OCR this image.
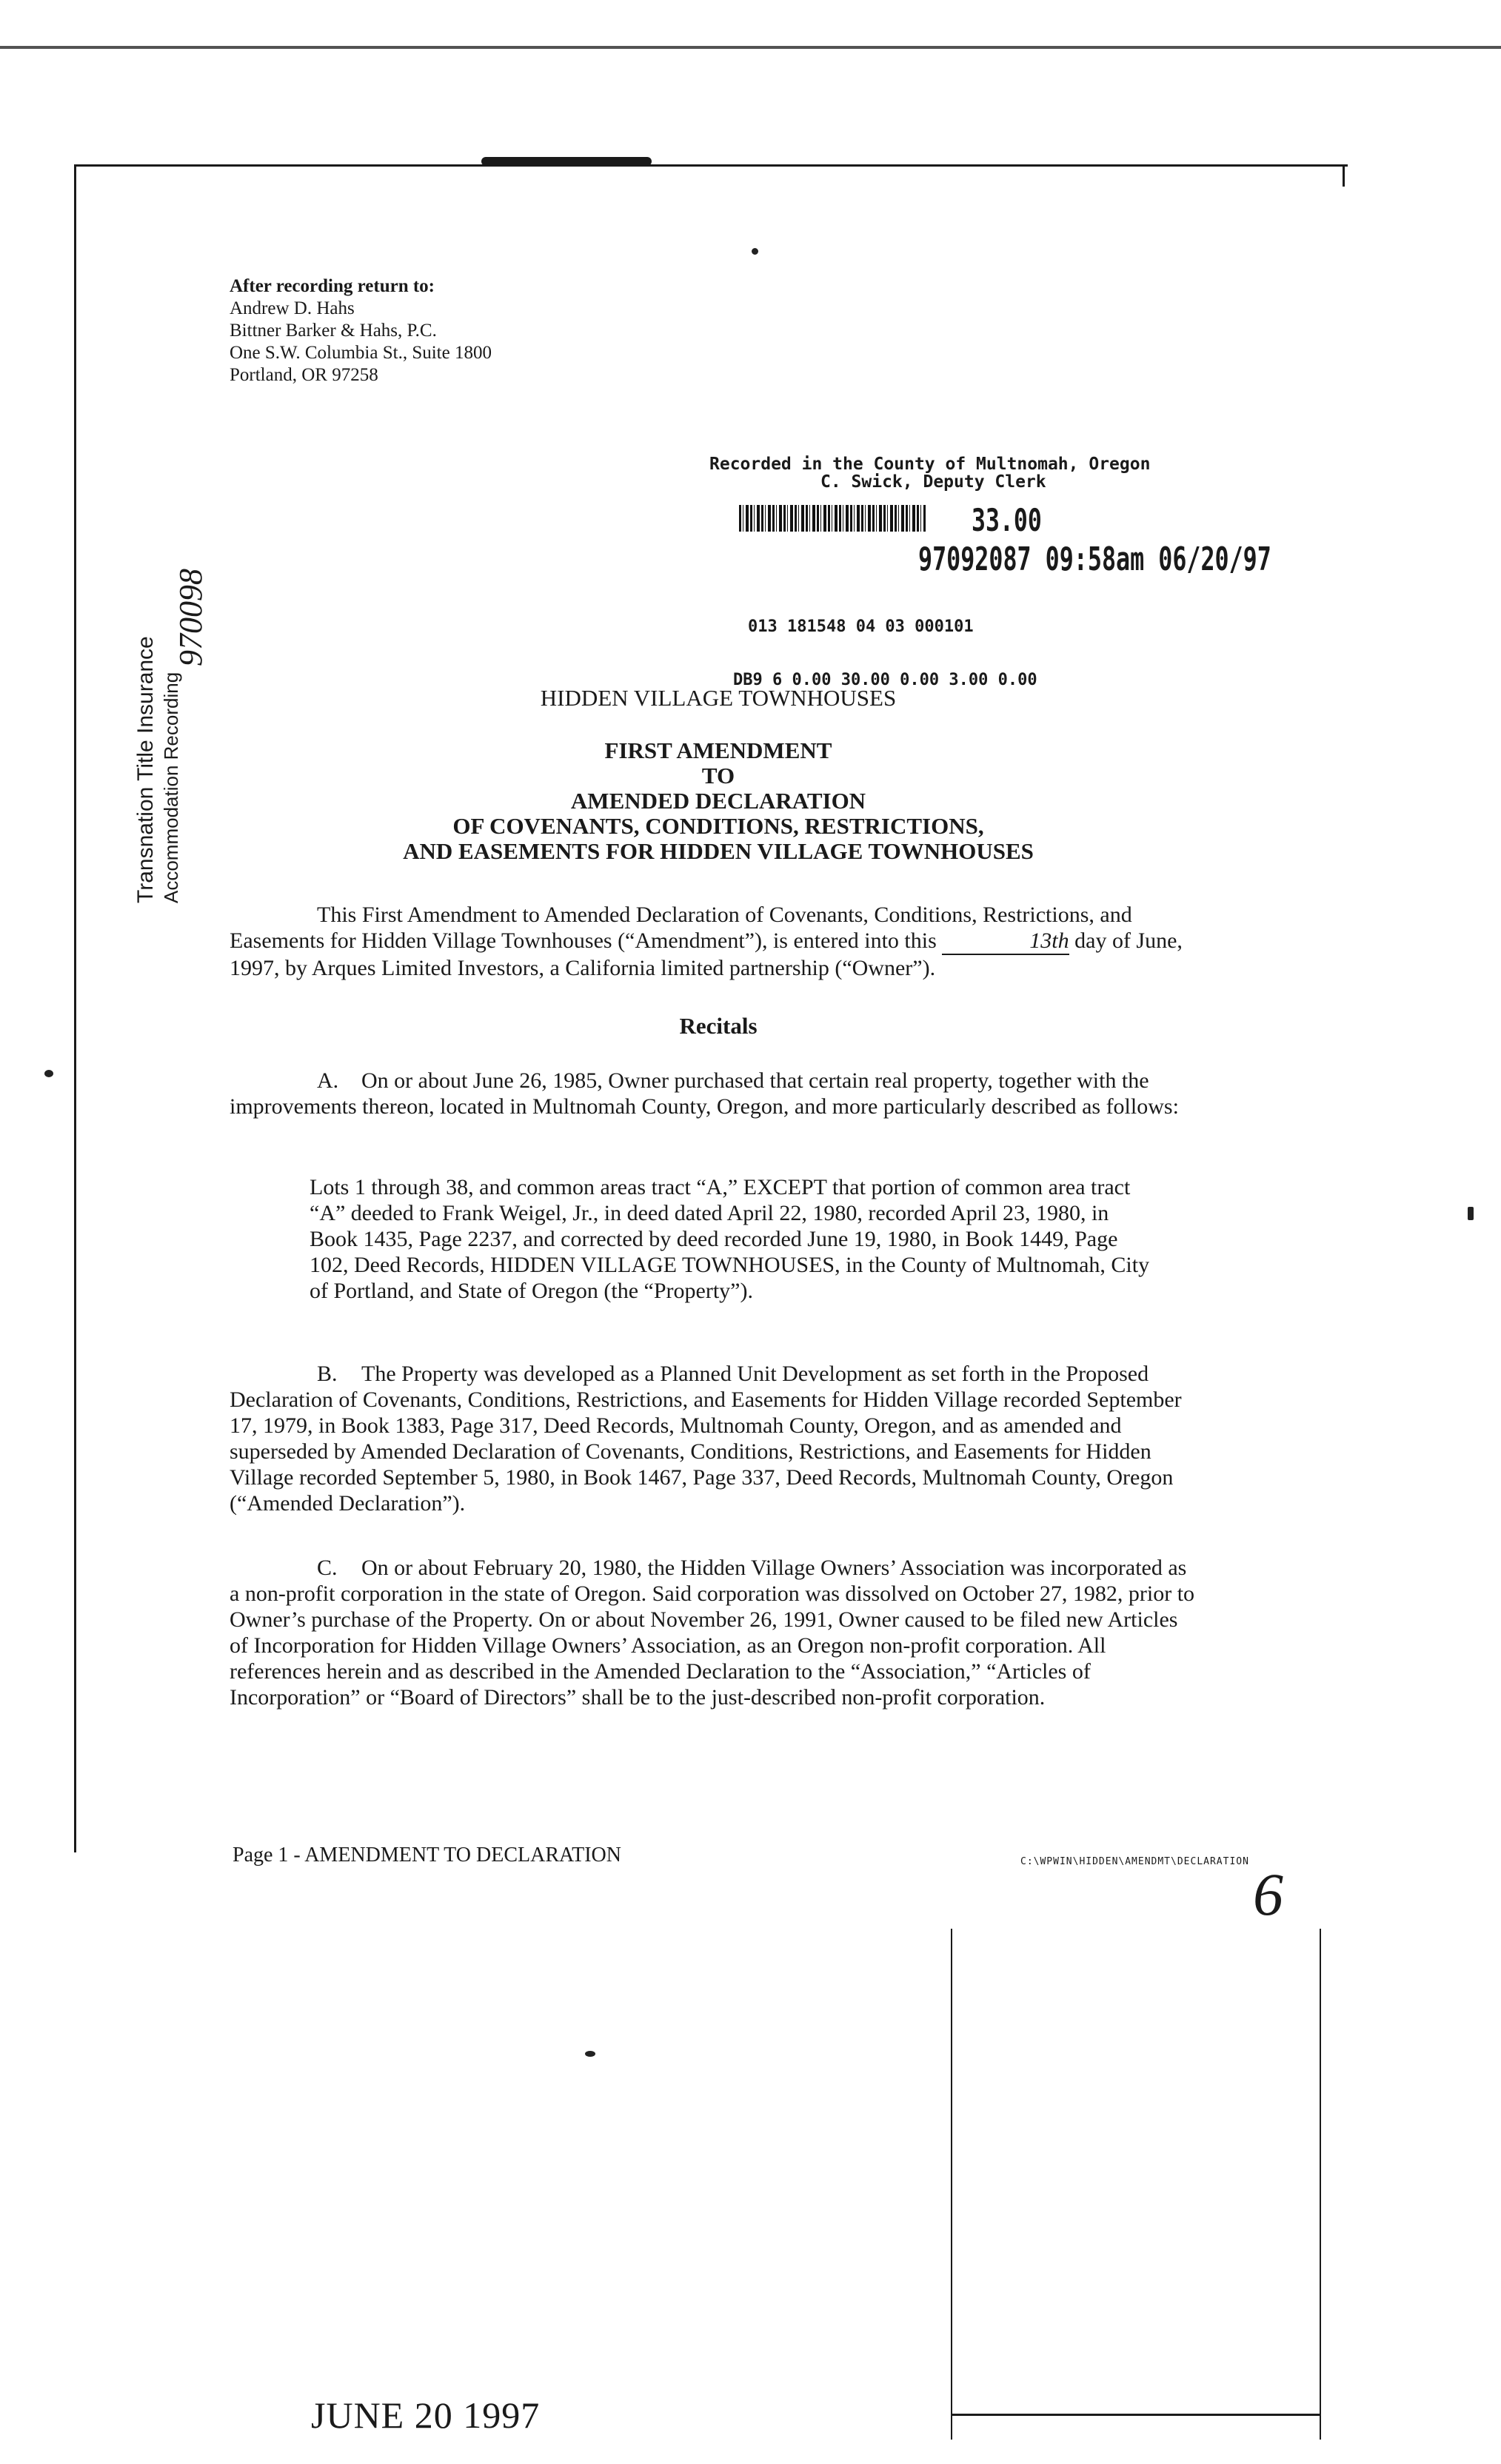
After recording return to:
Andrew D. Hahs
Bittner Barker & Hahs, P.C.
One S.W. Columbia St., Suite 1800
Portland, OR 97258
Recorded in the County of Multnomah, Oregon
C. Swick, Deputy Clerk
33.00
97092087 09:58am 06/20/97

013 181548 04 03 000101

DB9 6 0.00 30.00 0.00 3.00 0.00

Transnation Title Insurance Accommodation Recording
970098
HIDDEN VILLAGE TOWNHOUSES
FIRST AMENDMENT
TO
AMENDED DECLARATION
OF COVENANTS, CONDITIONS, RESTRICTIONS,
AND EASEMENTS FOR HIDDEN VILLAGE TOWNHOUSES
This First Amendment to Amended Declaration of Covenants, Conditions, Restrictions, and Easements for Hidden Village Townhouses (“Amendment”), is entered into this	13th day of June, 1997, by Arques Limited Investors, a California limited partnership (“Owner”).
Recitals
A. On or about June 26, 1985, Owner purchased that certain real property, together with the improvements thereon, located in Multnomah County, Oregon, and more particularly described as follows:
Lots 1 through 38, and common areas tract “A,” EXCEPT that portion of common area tract “A” deeded to Frank Weigel, Jr., in deed dated April 22, 1980, recorded April 23, 1980, in Book 1435, Page 2237, and corrected by deed recorded June 19, 1980, in Book 1449, Page 102, Deed Records, HIDDEN VILLAGE TOWNHOUSES, in the County of Multnomah, City of Portland, and State of Oregon (the “Property”).
B. The Property was developed as a Planned Unit Development as set forth in the Proposed Declaration of Covenants, Conditions, Restrictions, and Easements for Hidden Village recorded September 17, 1979, in Book 1383, Page 317, Deed Records, Multnomah County, Oregon, and as amended and superseded by Amended Declaration of Covenants, Conditions, Restrictions, and Easements for Hidden Village recorded September 5, 1980, in Book 1467, Page 337, Deed Records, Multnomah County, Oregon (“Amended Declaration”).
C. On or about February 20, 1980, the Hidden Village Owners’ Association was incorporated as a non-profit corporation in the state of Oregon. Said corporation was dissolved on October 27, 1982, prior to Owner’s purchase of the Property. On or about November 26, 1991, Owner caused to be filed new Articles of Incorporation for Hidden Village Owners’ Association, as an Oregon non-profit corporation. All references herein and as described in the Amended Declaration to the “Association,” “Articles of Incorporation” or “Board of Directors” shall be to the just-described non-profit corporation.
Page 1 - AMENDMENT TO DECLARATION	C:\WPWIN\HIDDEN\AMENDMT\DECLARATION 6
JUNE 20 1997
